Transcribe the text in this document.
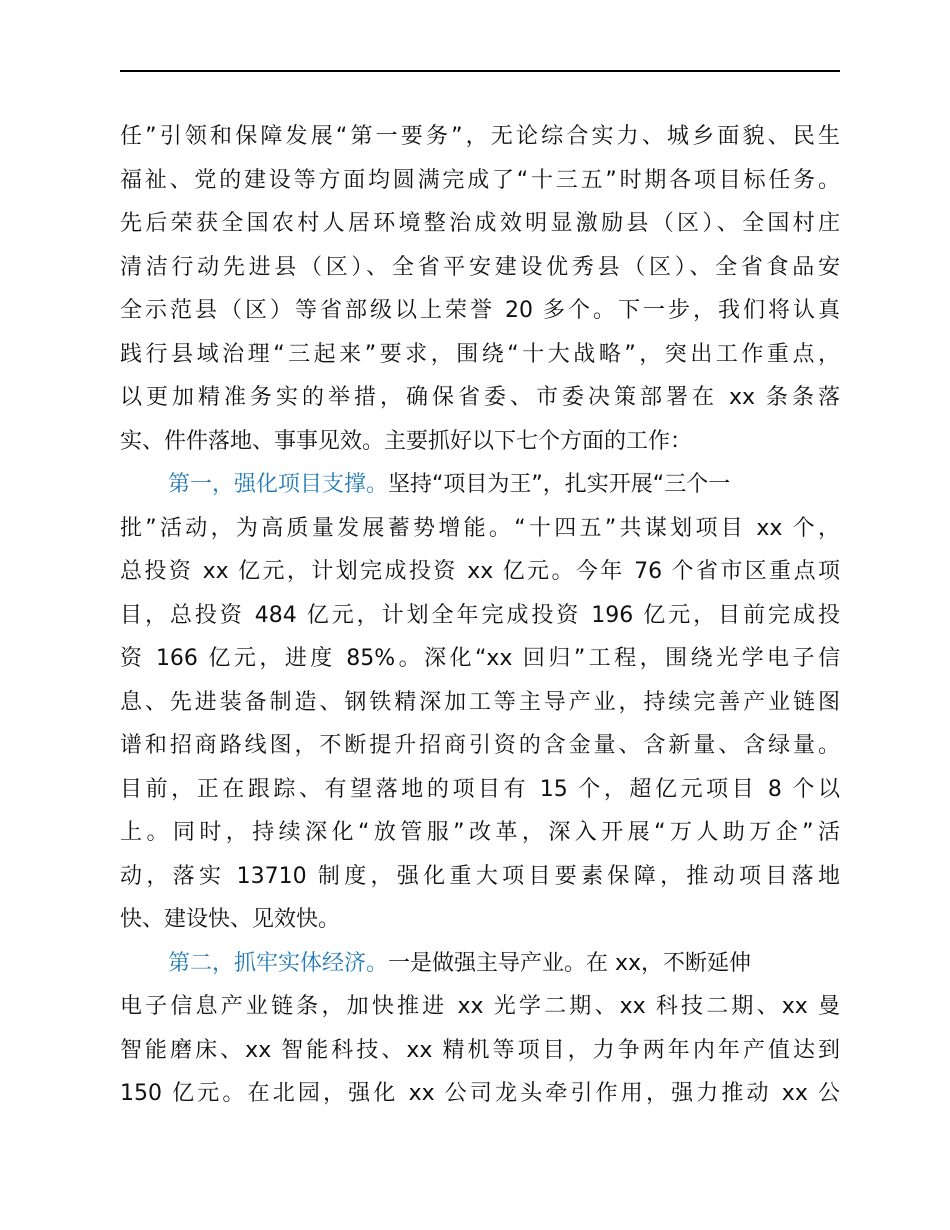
任”引领和保障发展“第一要务”，无论综合实力、城乡面貌、民生
福祉、党的建设等方面均圆满完成了“十三五”时期各项目标任务。
先后荣获全国农村人居环境整治成效明显激励县（区）、全国村庄
清洁行动先进县（区）、全省平安建设优秀县（区）、全省食品安
全示范县（区）等省部级以上荣誉 20 多个。下一步，我们将认真
践行县域治理“三起来”要求，围绕“十大战略”，突出工作重点，
以更加精准务实的举措，确保省委、市委决策部署在 xx 条条落
实、件件落地、事事见效。主要抓好以下七个方面的工作：
第一，强化项目支撑。坚持“项目为王”，扎实开展“三个一
批”活动，为高质量发展蓄势增能。“十四五”共谋划项目 xx 个，
总投资 xx 亿元，计划完成投资 xx 亿元。今年 76 个省市区重点项
目，总投资 484 亿元，计划全年完成投资 196 亿元，目前完成投
资 166 亿元，进度 85%。深化“xx 回归”工程，围绕光学电子信
息、先进装备制造、钢铁精深加工等主导产业，持续完善产业链图
谱和招商路线图，不断提升招商引资的含金量、含新量、含绿量。
目前，正在跟踪、有望落地的项目有 15 个，超亿元项目 8 个以
上。同时，持续深化“放管服”改革，深入开展“万人助万企”活
动，落实 13710 制度，强化重大项目要素保障，推动项目落地
快、建设快、见效快。
第二，抓牢实体经济。一是做强主导产业。在 xx，不断延伸
电子信息产业链条，加快推进 xx 光学二期、xx 科技二期、xx 曼
智能磨床、xx 智能科技、xx 精机等项目，力争两年内年产值达到
150 亿元。在北园，强化 xx 公司龙头牵引作用，强力推动 xx 公
